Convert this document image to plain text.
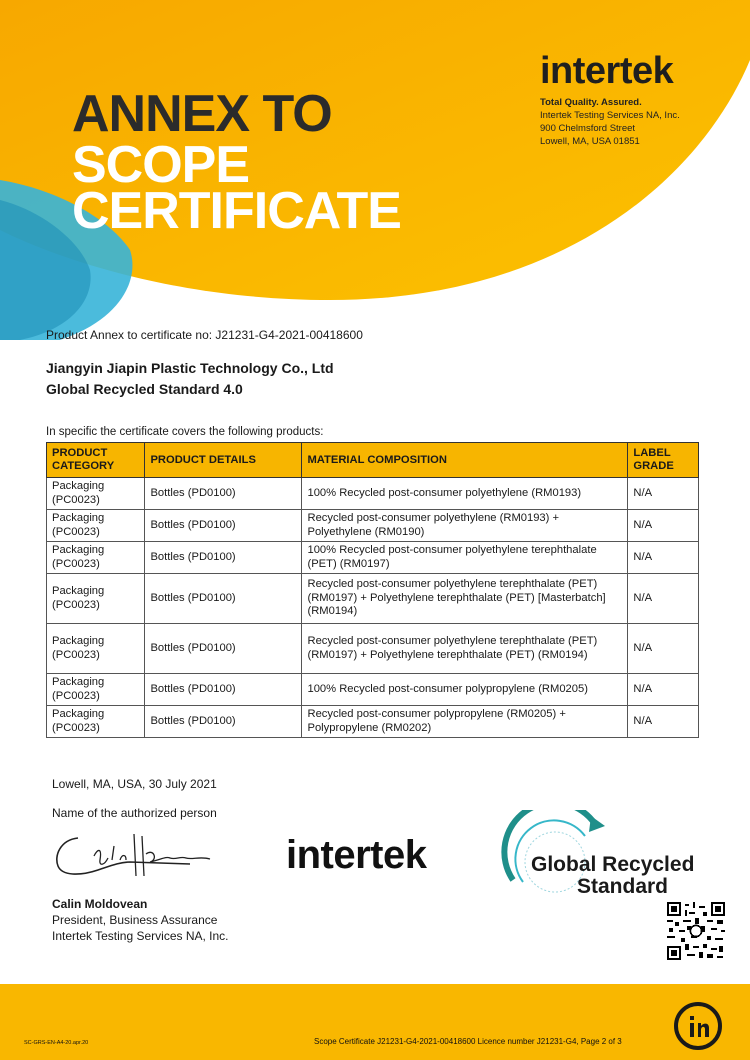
ANNEX TO
SCOPE
CERTIFICATE
intertek
Total Quality. Assured.
Intertek Testing Services NA, Inc.
900 Chelmsford Street
Lowell, MA, USA 01851
Product Annex to certificate no: J21231-G4-2021-00418600
Jiangyin Jiapin Plastic Technology Co., Ltd
Global Recycled Standard 4.0
In specific the certificate covers the following products:
PRODUCT CATEGORY	PRODUCT DETAILS	MATERIAL COMPOSITION	LABEL GRADE
Packaging (PC0023)	Bottles (PD0100)	100% Recycled post-consumer polyethylene (RM0193)	N/A
Packaging (PC0023)	Bottles (PD0100)	Recycled post-consumer polyethylene (RM0193) + Polyethylene (RM0190)	N/A
Packaging (PC0023)	Bottles (PD0100)	100% Recycled post-consumer polyethylene terephthalate (PET) (RM0197)	N/A
Packaging (PC0023)	Bottles (PD0100)	Recycled post-consumer polyethylene terephthalate (PET) (RM0197) + Polyethylene terephthalate (PET) [Masterbatch] (RM0194)	N/A
Packaging (PC0023)	Bottles (PD0100)	Recycled post-consumer polyethylene terephthalate (PET) (RM0197) + Polyethylene terephthalate (PET) (RM0194)	N/A
Packaging (PC0023)	Bottles (PD0100)	100% Recycled post-consumer polypropylene (RM0205)	N/A
Packaging (PC0023)	Bottles (PD0100)	Recycled post-consumer polypropylene (RM0205) + Polypropylene (RM0202)	N/A
Lowell, MA, USA, 30 July 2021
Name of the authorized person
Calin Moldovean
President, Business Assurance
Intertek Testing Services NA, Inc.
intertek	Global Recycled
Standard
SC-GRS-EN-A4-20.apr.20	Scope Certificate J21231-G4-2021-00418600 Licence number J21231-G4, Page 2 of 3
